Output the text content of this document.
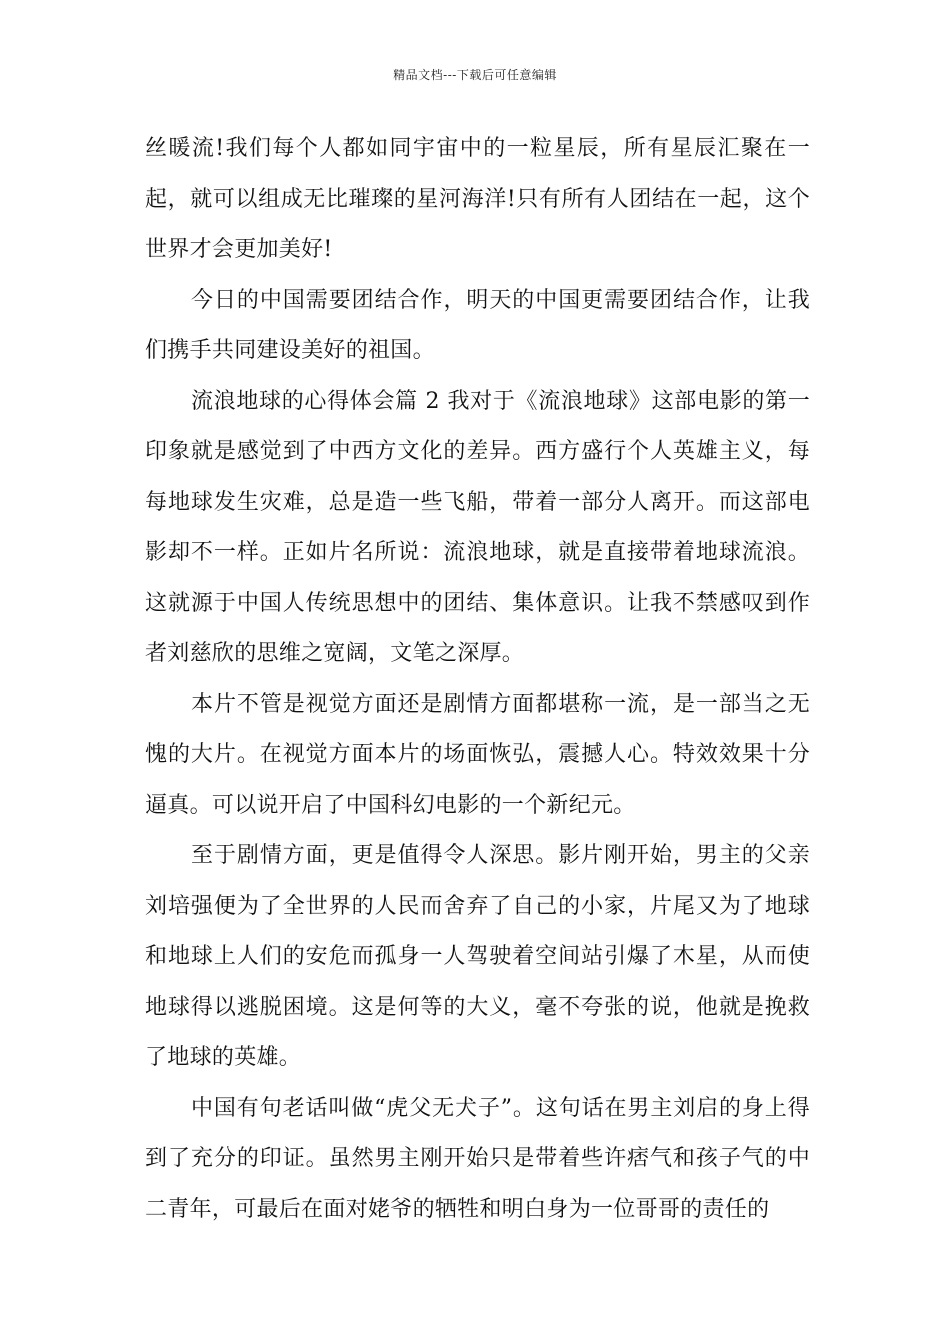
精品文档---下载后可任意编辑

丝暖流!我们每个人都如同宇宙中的一粒星辰，所有星辰汇聚在一起，就可以组成无比璀璨的星河海洋!只有所有人团结在一起，这个世界才会更加美好!

今日的中国需要团结合作，明天的中国更需要团结合作，让我们携手共同建设美好的祖国。

流浪地球的心得体会篇 2 我对于《流浪地球》这部电影的第一印象就是感觉到了中西方文化的差异。西方盛行个人英雄主义，每每地球发生灾难，总是造一些飞船，带着一部分人离开。而这部电影却不一样。正如片名所说：流浪地球，就是直接带着地球流浪。这就源于中国人传统思想中的团结、集体意识。让我不禁感叹到作者刘慈欣的思维之宽阔，文笔之深厚。

本片不管是视觉方面还是剧情方面都堪称一流，是一部当之无愧的大片。在视觉方面本片的场面恢弘，震撼人心。特效效果十分逼真。可以说开启了中国科幻电影的一个新纪元。

至于剧情方面，更是值得令人深思。影片刚开始，男主的父亲刘培强便为了全世界的人民而舍弃了自己的小家，片尾又为了地球和地球上人们的安危而孤身一人驾驶着空间站引爆了木星，从而使地球得以逃脱困境。这是何等的大义，毫不夸张的说，他就是挽救了地球的英雄。

中国有句老话叫做“虎父无犬子”。这句话在男主刘启的身上得到了充分的印证。虽然男主刚开始只是带着些许痞气和孩子气的中二青年，可最后在面对姥爷的牺牲和明白身为一位哥哥的责任的
